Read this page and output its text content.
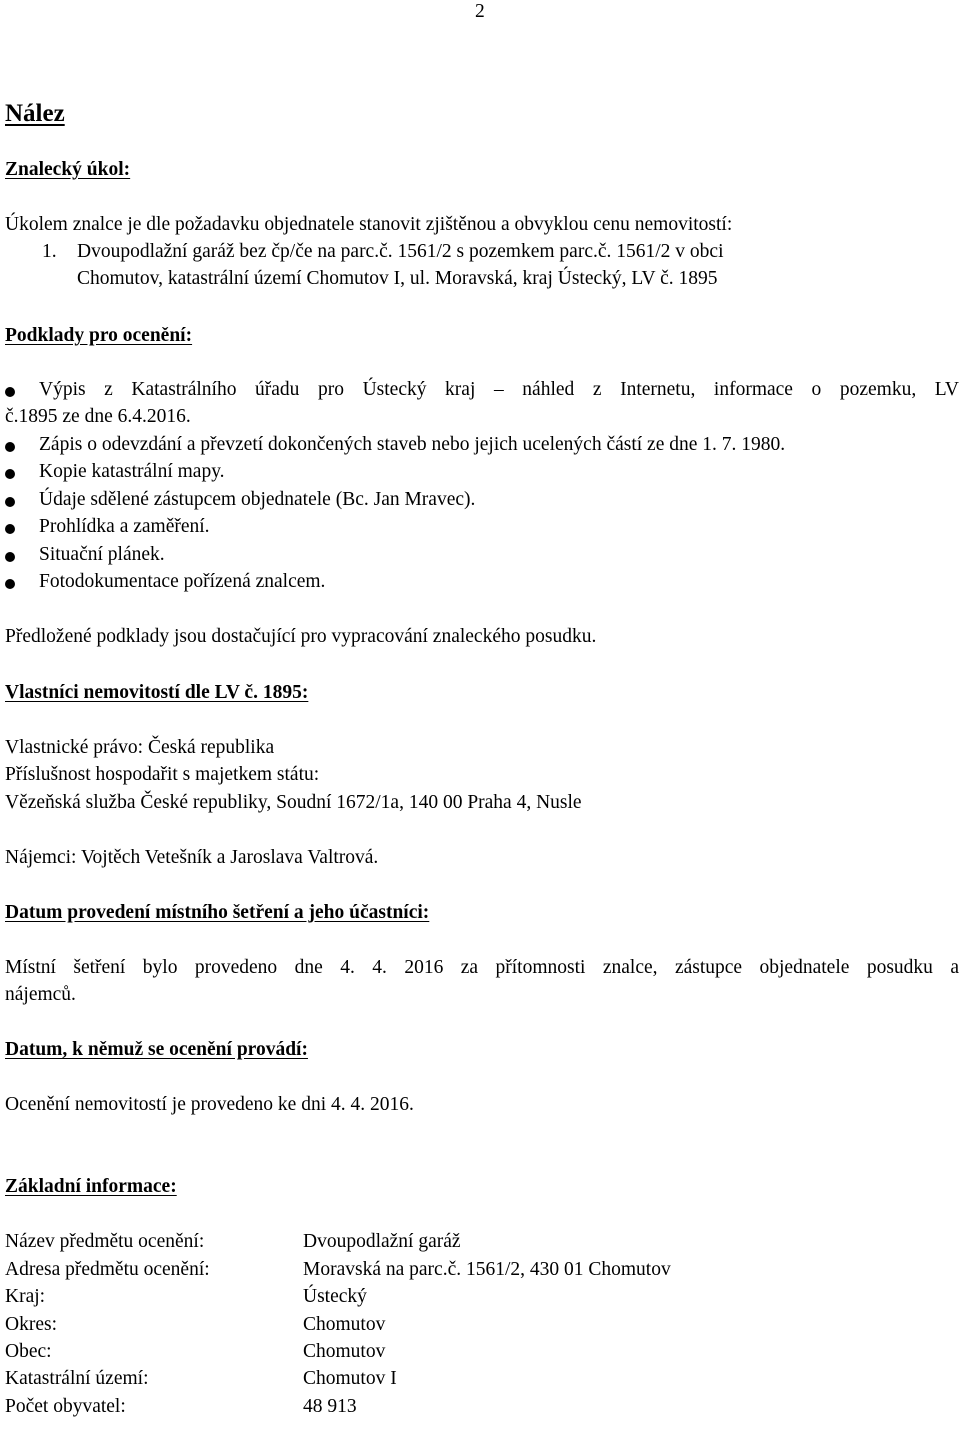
2
Nález
Znalecký úkol:
Úkolem znalce je dle požadavku objednatele stanovit zjištěnou a obvyklou cenu nemovitostí:
1. Dvoupodlažní garáž bez čp/če na parc.č. 1561/2 s pozemkem parc.č. 1561/2 v obci
Chomutov, katastrální území Chomutov I, ul. Moravská, kraj Ústecký, LV č. 1895
Podklady pro ocenění:
Výpis z Katastrálního úřadu pro Ústecký kraj – náhled z Internetu, informace o pozemku, LV
č.1895 ze dne 6.4.2016.
Zápis o odevzdání a převzetí dokončených staveb nebo jejich ucelených částí ze dne 1. 7. 1980.
Kopie katastrální mapy.
Údaje sdělené zástupcem objednatele (Bc. Jan Mravec).
Prohlídka a zaměření.
Situační plánek.
Fotodokumentace pořízená znalcem.
Předložené podklady jsou dostačující pro vypracování znaleckého posudku.
Vlastníci nemovitostí dle LV č. 1895:
Vlastnické právo: Česká republika
Příslušnost hospodařit s majetkem státu:
Vězeňská služba České republiky, Soudní 1672/1a, 140 00 Praha 4, Nusle
Nájemci: Vojtěch Vetešník a Jaroslava Valtrová.
Datum provedení místního šetření a jeho účastníci:
Místní šetření bylo provedeno dne 4. 4. 2016 za přítomnosti znalce, zástupce objednatele posudku a
nájemců.
Datum, k němuž se ocenění provádí:
Ocenění nemovitostí je provedeno ke dni 4. 4. 2016.
Základní informace:
Název předmětu ocenění:	Dvoupodlažní garáž
Adresa předmětu ocenění:	Moravská na parc.č. 1561/2, 430 01 Chomutov
Kraj:	Ústecký
Okres:	Chomutov
Obec:	Chomutov
Katastrální území:	Chomutov I
Počet obyvatel:	48 913
